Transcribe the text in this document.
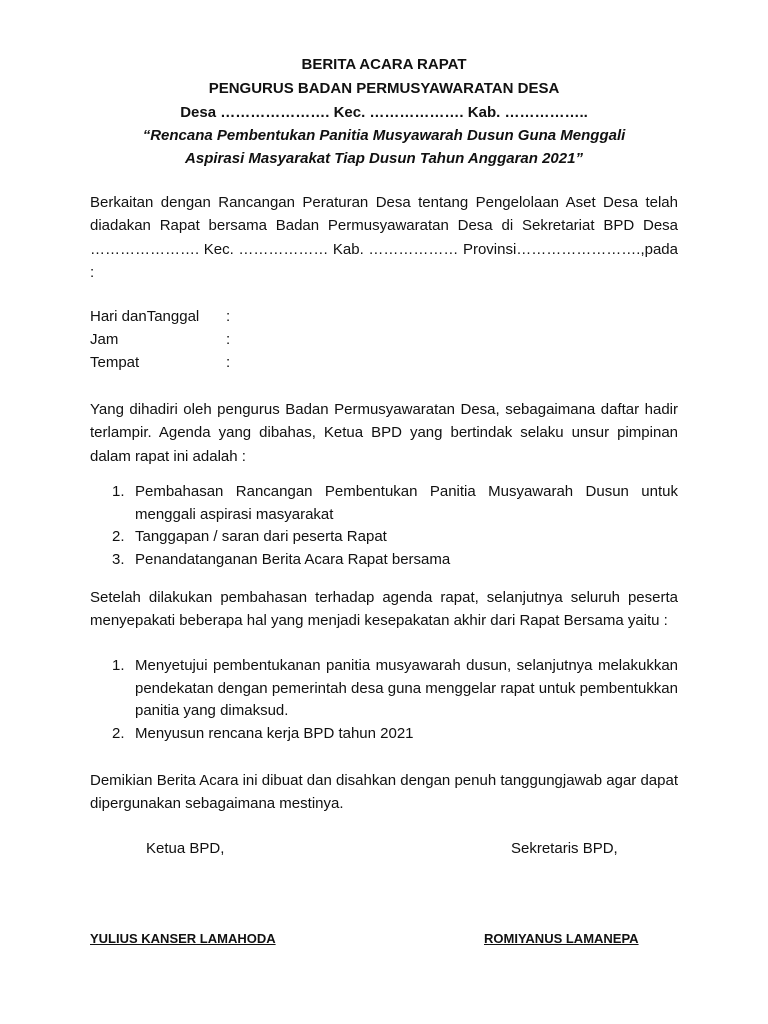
BERITA ACARA RAPAT
PENGURUS BADAN PERMUSYAWARATAN DESA
Desa …………………. Kec. ………………. Kab. ……………..
“Rencana Pembentukan Panitia Musyawarah Dusun Guna Menggali
Aspirasi Masyarakat Tiap Dusun Tahun Anggaran 2021”
Berkaitan dengan Rancangan Peraturan Desa tentang Pengelolaan Aset Desa telah diadakan Rapat bersama Badan Permusyawaratan Desa di Sekretariat BPD Desa …………………. Kec. ……………… Kab. ……………… Provinsi…………………….,pada :
Hari danTanggal :
Jam	:
Tempat	:
Yang dihadiri oleh pengurus Badan Permusyawaratan Desa, sebagaimana daftar hadir terlampir. Agenda yang dibahas, Ketua BPD yang bertindak selaku unsur pimpinan dalam rapat ini adalah :
1. Pembahasan Rancangan Pembentukan Panitia Musyawarah Dusun untuk menggali aspirasi masyarakat
2. Tanggapan / saran dari peserta Rapat
3. Penandatanganan Berita Acara Rapat bersama
Setelah dilakukan pembahasan terhadap agenda rapat, selanjutnya seluruh peserta menyepakati beberapa hal yang menjadi kesepakatan akhir dari Rapat Bersama yaitu :
1. Menyetujui pembentukanan panitia musyawarah dusun, selanjutnya melakukkan pendekatan dengan pemerintah desa guna menggelar rapat untuk pembentukkan panitia yang dimaksud.
2. Menyusun rencana kerja BPD tahun 2021
Demikian Berita Acara ini dibuat dan disahkan dengan penuh tanggungjawab agar dapat dipergunakan sebagaimana mestinya.
Ketua BPD,	Sekretaris BPD,
YULIUS KANSER LAMAHODA	ROMIYANUS LAMANEPA
